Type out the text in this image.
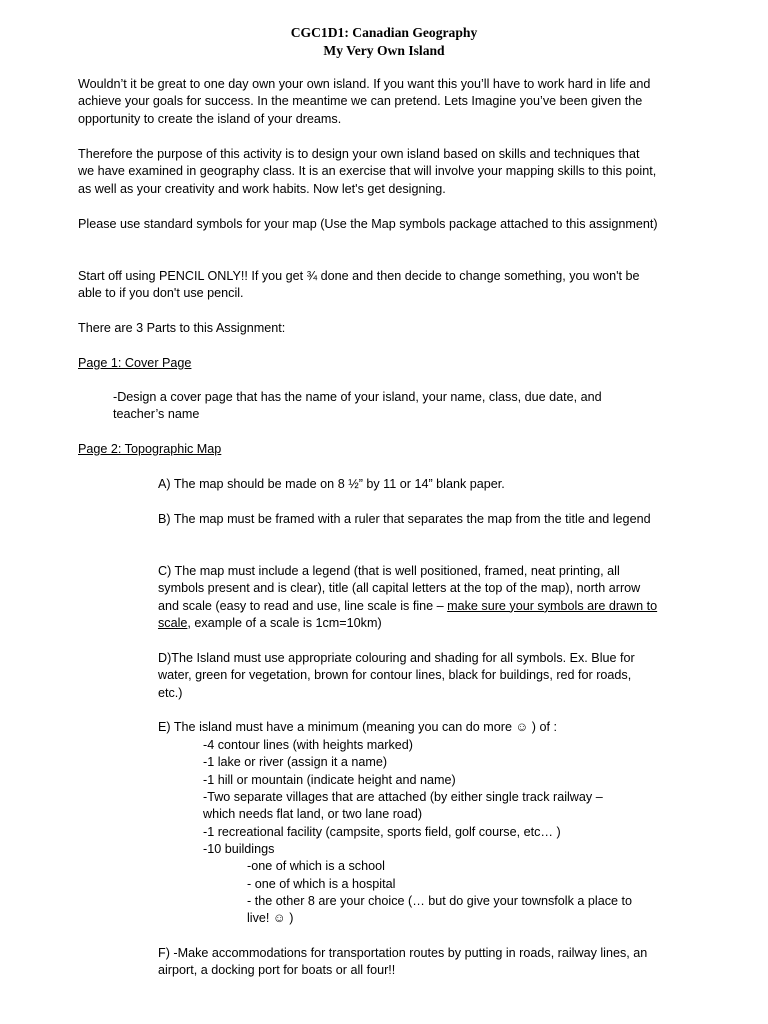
CGC1D1: Canadian Geography
My Very Own Island

Wouldn’t it be great to one day own your own island. If you want this you’ll have to work hard in life and achieve your goals for success. In the meantime we can pretend. Lets Imagine you’ve been given the opportunity to create the island of your dreams.

Therefore the purpose of this activity is to design your own island based on skills and techniques that we have examined in geography class. It is an exercise that will involve your mapping skills to this point, as well as your creativity and work habits. Now let's get designing.

Please use standard symbols for your map (Use the Map symbols package attached to this assignment)

Start off using PENCIL ONLY!! If you get ¾ done and then decide to change something, you won't be able to if you don't use pencil.

There are 3 Parts to this Assignment:

Page 1: Cover Page

-Design a cover page that has the name of your island, your name, class, due date, and teacher’s name

Page 2: Topographic Map

A) The map should be made on 8 ½” by 11 or 14” blank paper.

B) The map must be framed with a ruler that separates the map from the title and legend

C) The map must include a legend (that is well positioned, framed, neat printing, all symbols present and is clear), title (all capital letters at the top of the map), north arrow and scale (easy to read and use, line scale is fine – make sure your symbols are drawn to scale, example of a scale is 1cm=10km)

D)The Island must use appropriate colouring and shading for all symbols. Ex. Blue for water, green for vegetation, brown for contour lines, black for buildings, red for roads, etc.)

E) The island must have a minimum (meaning you can do more ☺ ) of :

-4 contour lines (with heights marked)

-1 lake or river (assign it a name)

-1 hill or mountain (indicate height and name)

-Two separate villages that are attached (by either single track railway –

which needs flat land, or two lane road)

-1 recreational facility (campsite, sports field, golf course, etc… )

-10 buildings

-one of which is a school

- one of which is a hospital

- the other 8 are your choice (… but do give your townsfolk a place to

live! ☺ )

F) -Make accommodations for transportation routes by putting in roads, railway lines, an airport, a docking port for boats or all four!!
